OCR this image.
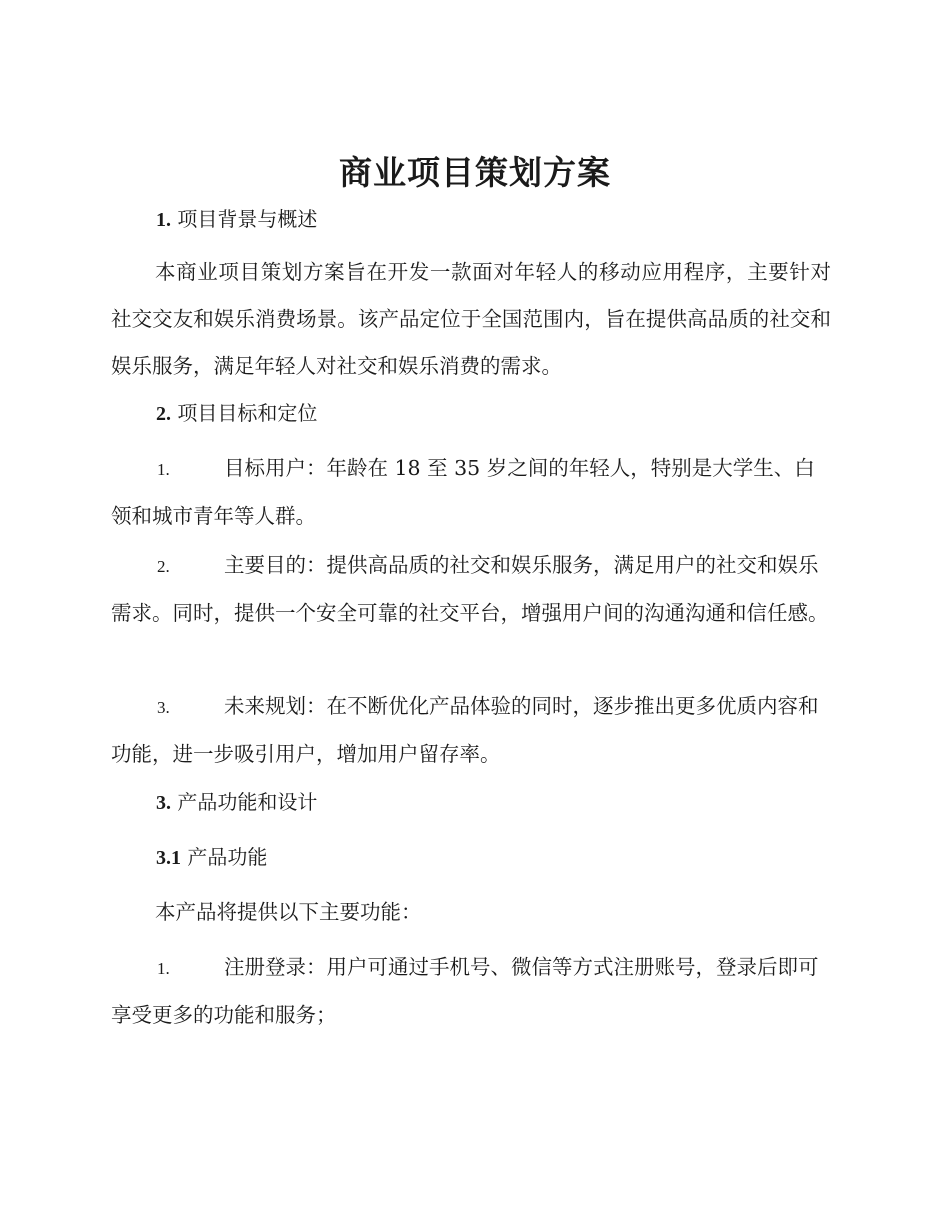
商业项目策划方案
1. 项目背景与概述
本商业项目策划方案旨在开发一款面对年轻人的移动应用程序，主要针对社交交友和娱乐消费场景。该产品定位于全国范围内，旨在提供高品质的社交和娱乐服务，满足年轻人对社交和娱乐消费的需求。
2. 项目目标和定位
1.	目标用户：年龄在 18 至 35 岁之间的年轻人，特别是大学生、白领和城市青年等人群。
2.	主要目的：提供高品质的社交和娱乐服务，满足用户的社交和娱乐需求。同时，提供一个安全可靠的社交平台，增强用户间的沟通沟通和信任感。
3.	未来规划：在不断优化产品体验的同时，逐步推出更多优质内容和功能，进一步吸引用户，增加用户留存率。
3. 产品功能和设计
3.1 产品功能
本产品将提供以下主要功能：
1.	注册登录：用户可通过手机号、微信等方式注册账号，登录后即可享受更多的功能和服务；
